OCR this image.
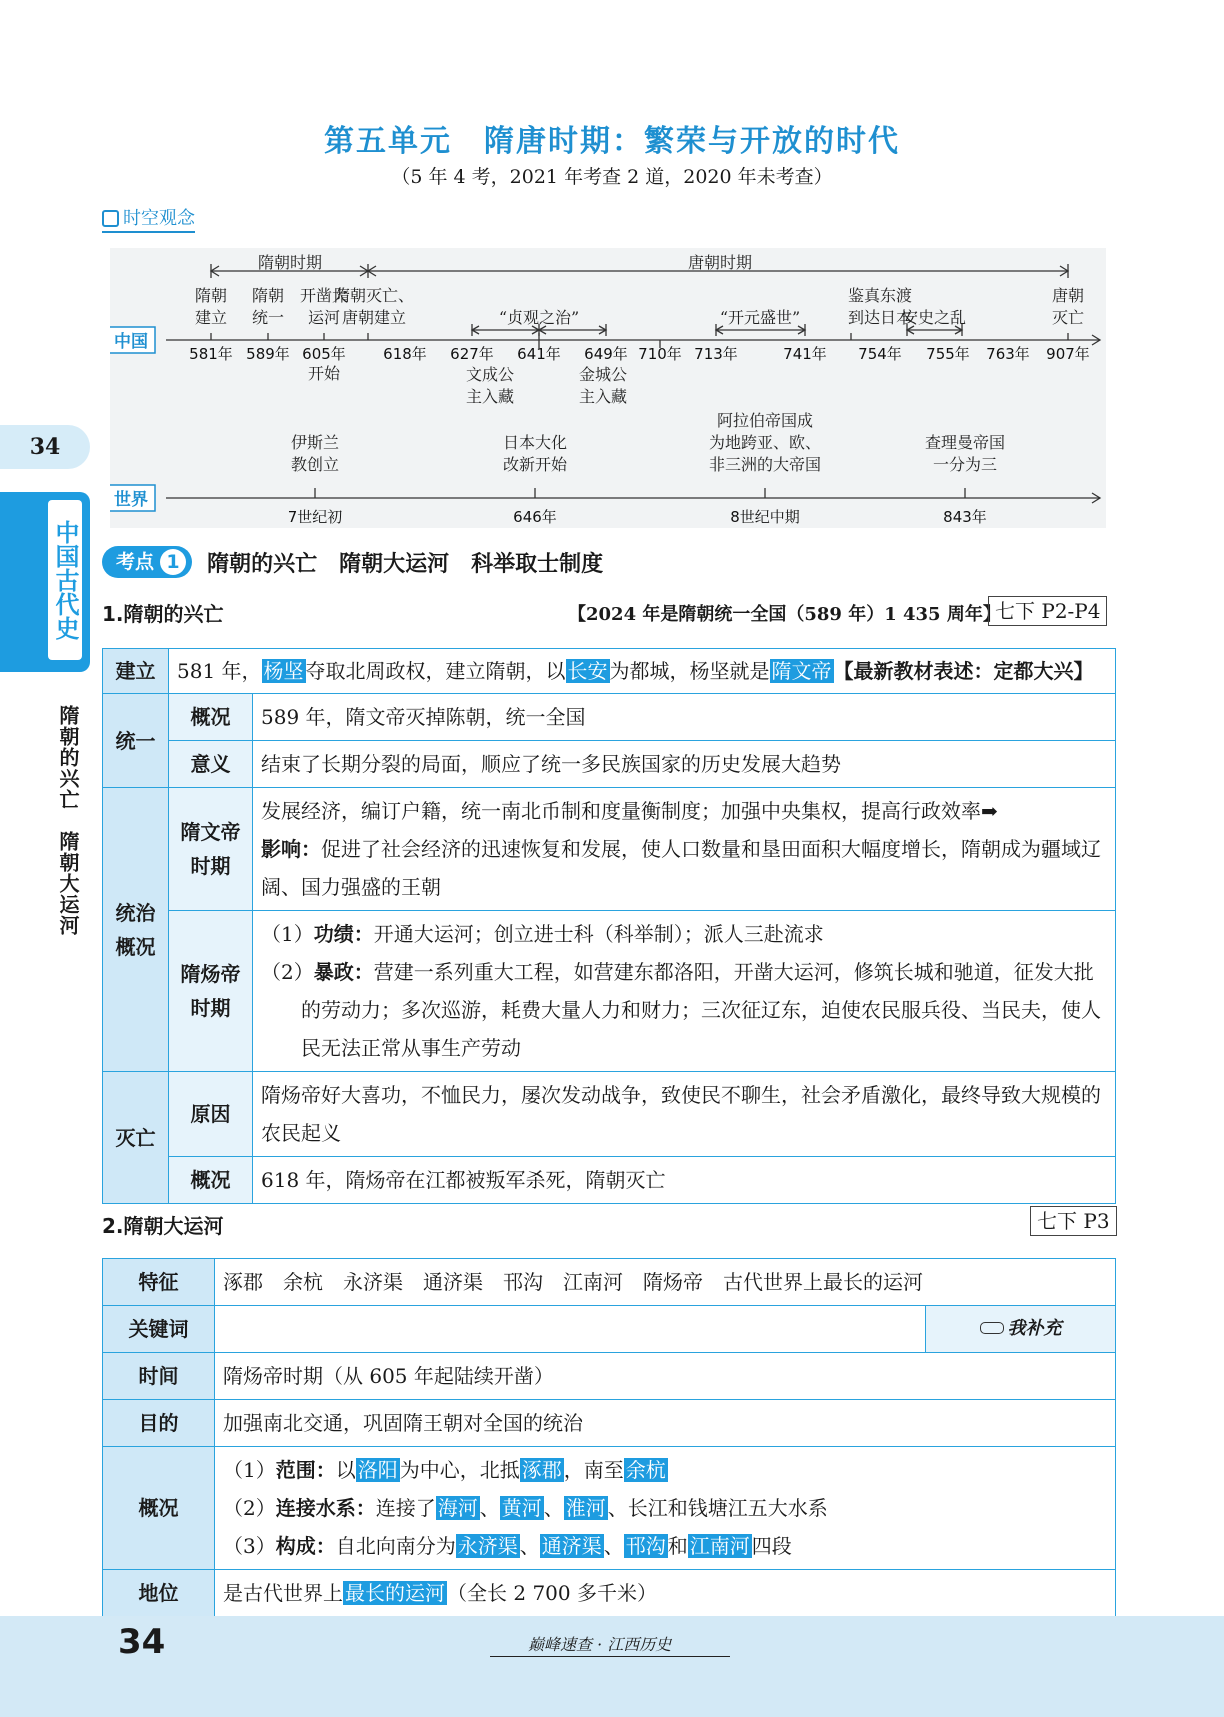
第五单元　隋唐时期：繁荣与开放的时代
（5 年 4 考，2021 年考查 2 道，2020 年未考查）
时空观念
隋朝时期	唐朝时期
隋朝
建立
隋朝
统一
开凿大
运河
隋朝灭亡、
唐朝建立
鉴真东渡
到达日本
唐朝
灭亡
“贞观之治”	“开元盛世”	安史之乱
开始	文成公
主入藏
金城公
主入藏
伊斯兰
教创立
日本大化
改新开始
阿拉伯帝国成
为地跨亚、欧、
非三洲的大帝国
查理曼帝国
一分为三
581年 589年 605年 618年 627年 641年 649年 710年 713年	741年 754年 755年 763年 907年
7世纪初	646年	8世纪中期	843年
中国
世界
34
中国古代史
隋朝的兴亡　隋朝大运河
考点 1 隋朝的兴亡　隋朝大运河　科举取士制度
1.隋朝的兴亡	【2024 年是隋朝统一全国（589 年）1 435 周年】
七下 P2-P4
建立	581 年， 杨坚 夺取北周政权，建立隋朝，以 长安 为都城，杨坚就是 隋文帝 【最新教材表述：定都大兴】	
统一	概况	589 年，隋文帝灭掉陈朝，统一全国
	意义	结束了长期分裂的局面，顺应了统一多民族国家的历史发展大趋势
统治概况	隋文帝时期	发展经济，编订户籍，统一南北币制和度量衡制度；加强中央集权，提高行政效率➡
影响：促进了社会经济的迅速恢复和发展，使人口数量和垦田面积大幅度增长，隋朝成为疆域辽阔、国力强盛的王朝
	隋炀帝时期	（1）功绩：开通大运河；创立进士科（科举制）；派人三赴流求
（2）暴政：营建一系列重大工程，如营建东都洛阳，开凿大运河，修筑长城和驰道，征发大批的劳动力；多次巡游，耗费大量人力和财力；三次征辽东，迫使农民服兵役、当民夫，使人民无法正常从事生产劳动

灭亡	原因	隋炀帝好大喜功，不恤民力，屡次发动战争，致使民不聊生，社会矛盾激化，最终导致大规模的农民起义
	概况	618 年，隋炀帝在江都被叛军杀死，隋朝灭亡
2.隋朝大运河	七下 P3
特征	涿郡　余杭　永济渠　通济渠　邗沟　江南河　隋炀帝　古代世界上最长的运河	
关键词		我补充
时间	隋炀帝时期（从 605 年起陆续开凿）	
目的	加强南北交通，巩固隋王朝对全国的统治	
概况	（1）范围：以 洛阳 为中心，北抵 涿郡 ，南至 余杭
（2）连接水系：连接了 海河 、 黄河 、 淮河 、长江和钱塘江五大水系
（3）构成：自北向南分为 永济渠 、 通济渠 、 邗沟 和 江南河 四段	

地位	是古代世界上 最长的运河 （全长 2 700 多千米）	
34	巅峰速查 · 江西历史
